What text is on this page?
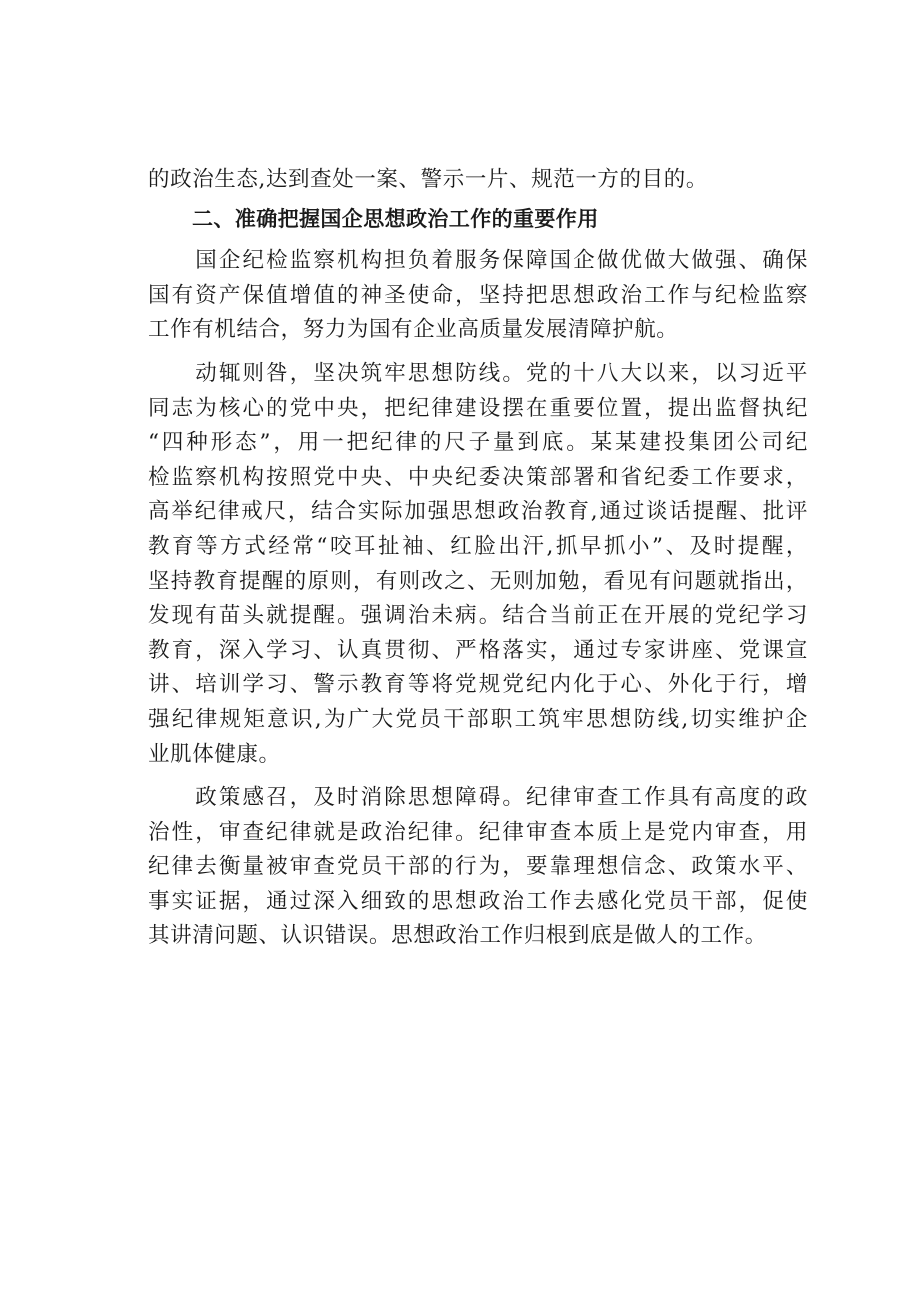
的政治生态,达到查处一案、警示一片、规范一方的目的。
二、准确把握国企思想政治工作的重要作用
　　国企纪检监察机构担负着服务保障国企做优做大做强、确保
国有资产保值增值的神圣使命，坚持把思想政治工作与纪检监察
工作有机结合，努力为国有企业高质量发展清障护航。
　　动辄则咎，坚决筑牢思想防线。党的十八大以来，以习近平
同志为核心的党中央，把纪律建设摆在重要位置，提出监督执纪
“四种形态”，用一把纪律的尺子量到底。某某建投集团公司纪
检监察机构按照党中央、中央纪委决策部署和省纪委工作要求，
高举纪律戒尺，结合实际加强思想政治教育,通过谈话提醒、批评
教育等方式经常“咬耳扯袖、红脸出汗,抓早抓小”、及时提醒，
坚持教育提醒的原则，有则改之、无则加勉，看见有问题就指出，
发现有苗头就提醒。强调治未病。结合当前正在开展的党纪学习
教育，深入学习、认真贯彻、严格落实，通过专家讲座、党课宣
讲、培训学习、警示教育等将党规党纪内化于心、外化于行，增
强纪律规矩意识,为广大党员干部职工筑牢思想防线,切实维护企
业肌体健康。
　　政策感召，及时消除思想障碍。纪律审查工作具有高度的政
治性，审查纪律就是政治纪律。纪律审查本质上是党内审查，用
纪律去衡量被审查党员干部的行为，要靠理想信念、政策水平、
事实证据，通过深入细致的思想政治工作去感化党员干部，促使
其讲清问题、认识错误。思想政治工作归根到底是做人的工作。
